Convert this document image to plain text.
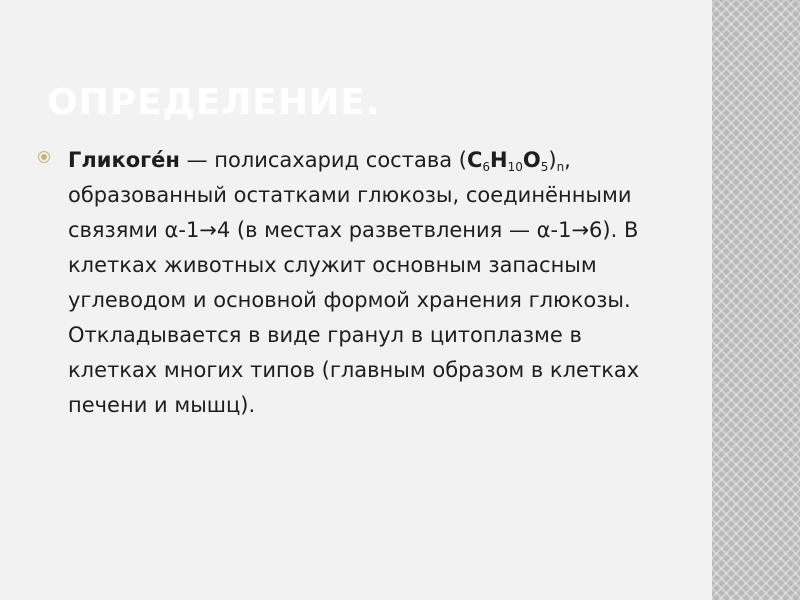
ОПРЕДЕЛЕНИЕ.
Гликоге́н — полисахарид состава $(C_6H_{10}O_5)_n$, образованный остатками глюкозы, соединёнными связями α-1→4 (в местах разветвления — α-1→6). В клетках животных служит основным запасным углеводом и основной формой хранения глюкозы. Откладывается в виде гранул в цитоплазме в клетках многих типов (главным образом в клетках печени и мышц).
